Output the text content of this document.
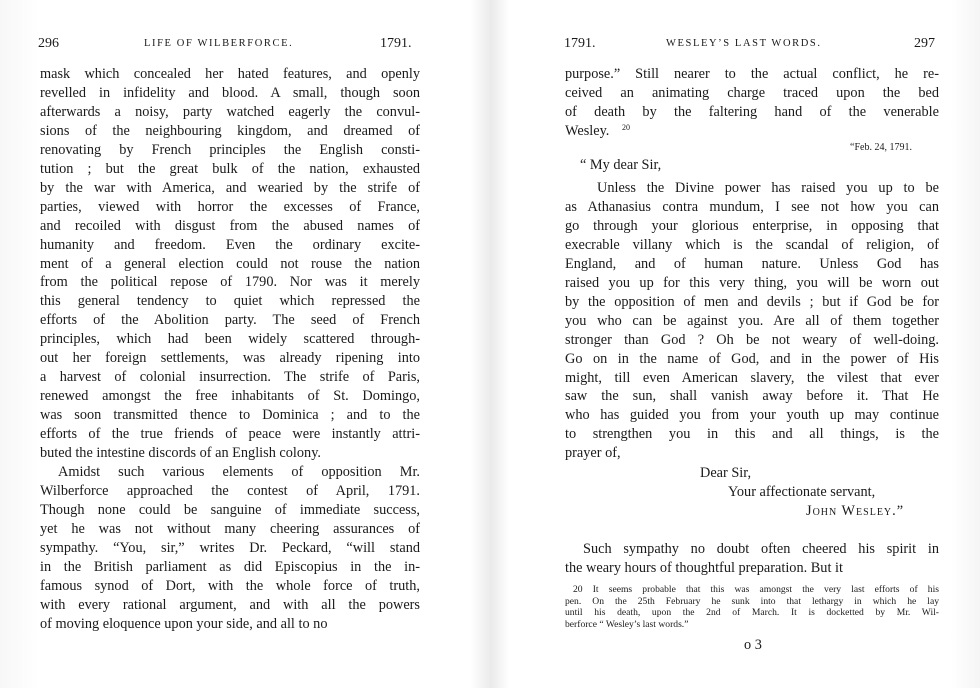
296	LIFE OF WILBERFORCE.	1791.
mask which concealed her hated features, and openly
revelled in infidelity and blood. A small, though soon
afterwards a noisy, party watched eagerly the convul-
sions of the neighbouring kingdom, and dreamed of
renovating by French principles the English consti-
tution ; but the great bulk of the nation, exhausted
by the war with America, and wearied by the strife of
parties, viewed with horror the excesses of France,
and recoiled with disgust from the abused names of
humanity and freedom. Even the ordinary excite-
ment of a general election could not rouse the nation
from the political repose of 1790. Nor was it merely
this general tendency to quiet which repressed the
efforts of the Abolition party. The seed of French
principles, which had been widely scattered through-
out her foreign settlements, was already ripening into
a harvest of colonial insurrection. The strife of Paris,
renewed amongst the free inhabitants of St. Domingo,
was soon transmitted thence to Dominica ; and to the
efforts of the true friends of peace were instantly attri-
buted the intestine discords of an English colony.
Amidst such various elements of opposition Mr.
Wilberforce approached the contest of April, 1791.
Though none could be sanguine of immediate success,
yet he was not without many cheering assurances of
sympathy. “You, sir,” writes Dr. Peckard, “will stand
in the British parliament as did Episcopius in the in-
famous synod of Dort, with the whole force of truth,
with every rational argument, and with all the powers
of moving eloquence upon your side, and all to no
1791.	WESLEY’S LAST WORDS.	297
purpose.” Still nearer to the actual conflict, he re-
ceived an animating charge traced upon the bed
of death by the faltering hand of the venerable
Wesley.	20
“Feb. 24, 1791.
“ My dear Sir,
Unless the Divine power has raised you up to be
as Athanasius contra mundum, I see not how you can
go through your glorious enterprise, in opposing that
execrable villany which is the scandal of religion, of
England, and of human nature. Unless God has
raised you up for this very thing, you will be worn out
by the opposition of men and devils ; but if God be for
you who can be against you. Are all of them together
stronger than God ? Oh be not weary of well-doing.
Go on in the name of God, and in the power of His
might, till even American slavery, the vilest that ever
saw the sun, shall vanish away before it. That He
who has guided you from your youth up may continue
to strengthen you in this and all things, is the
prayer of,
Dear Sir,
Your affectionate servant,
John Wesley.”
Such sympathy no doubt often cheered his spirit in
the weary hours of thoughtful preparation. But it
20 It seems probable that this was amongst the very last efforts of his
pen. On the 25th February he sunk into that lethargy in which he lay
until his death, upon the 2nd of March. It is docketted by Mr. Wil-
berforce “ Wesley’s last words.”
o 3
